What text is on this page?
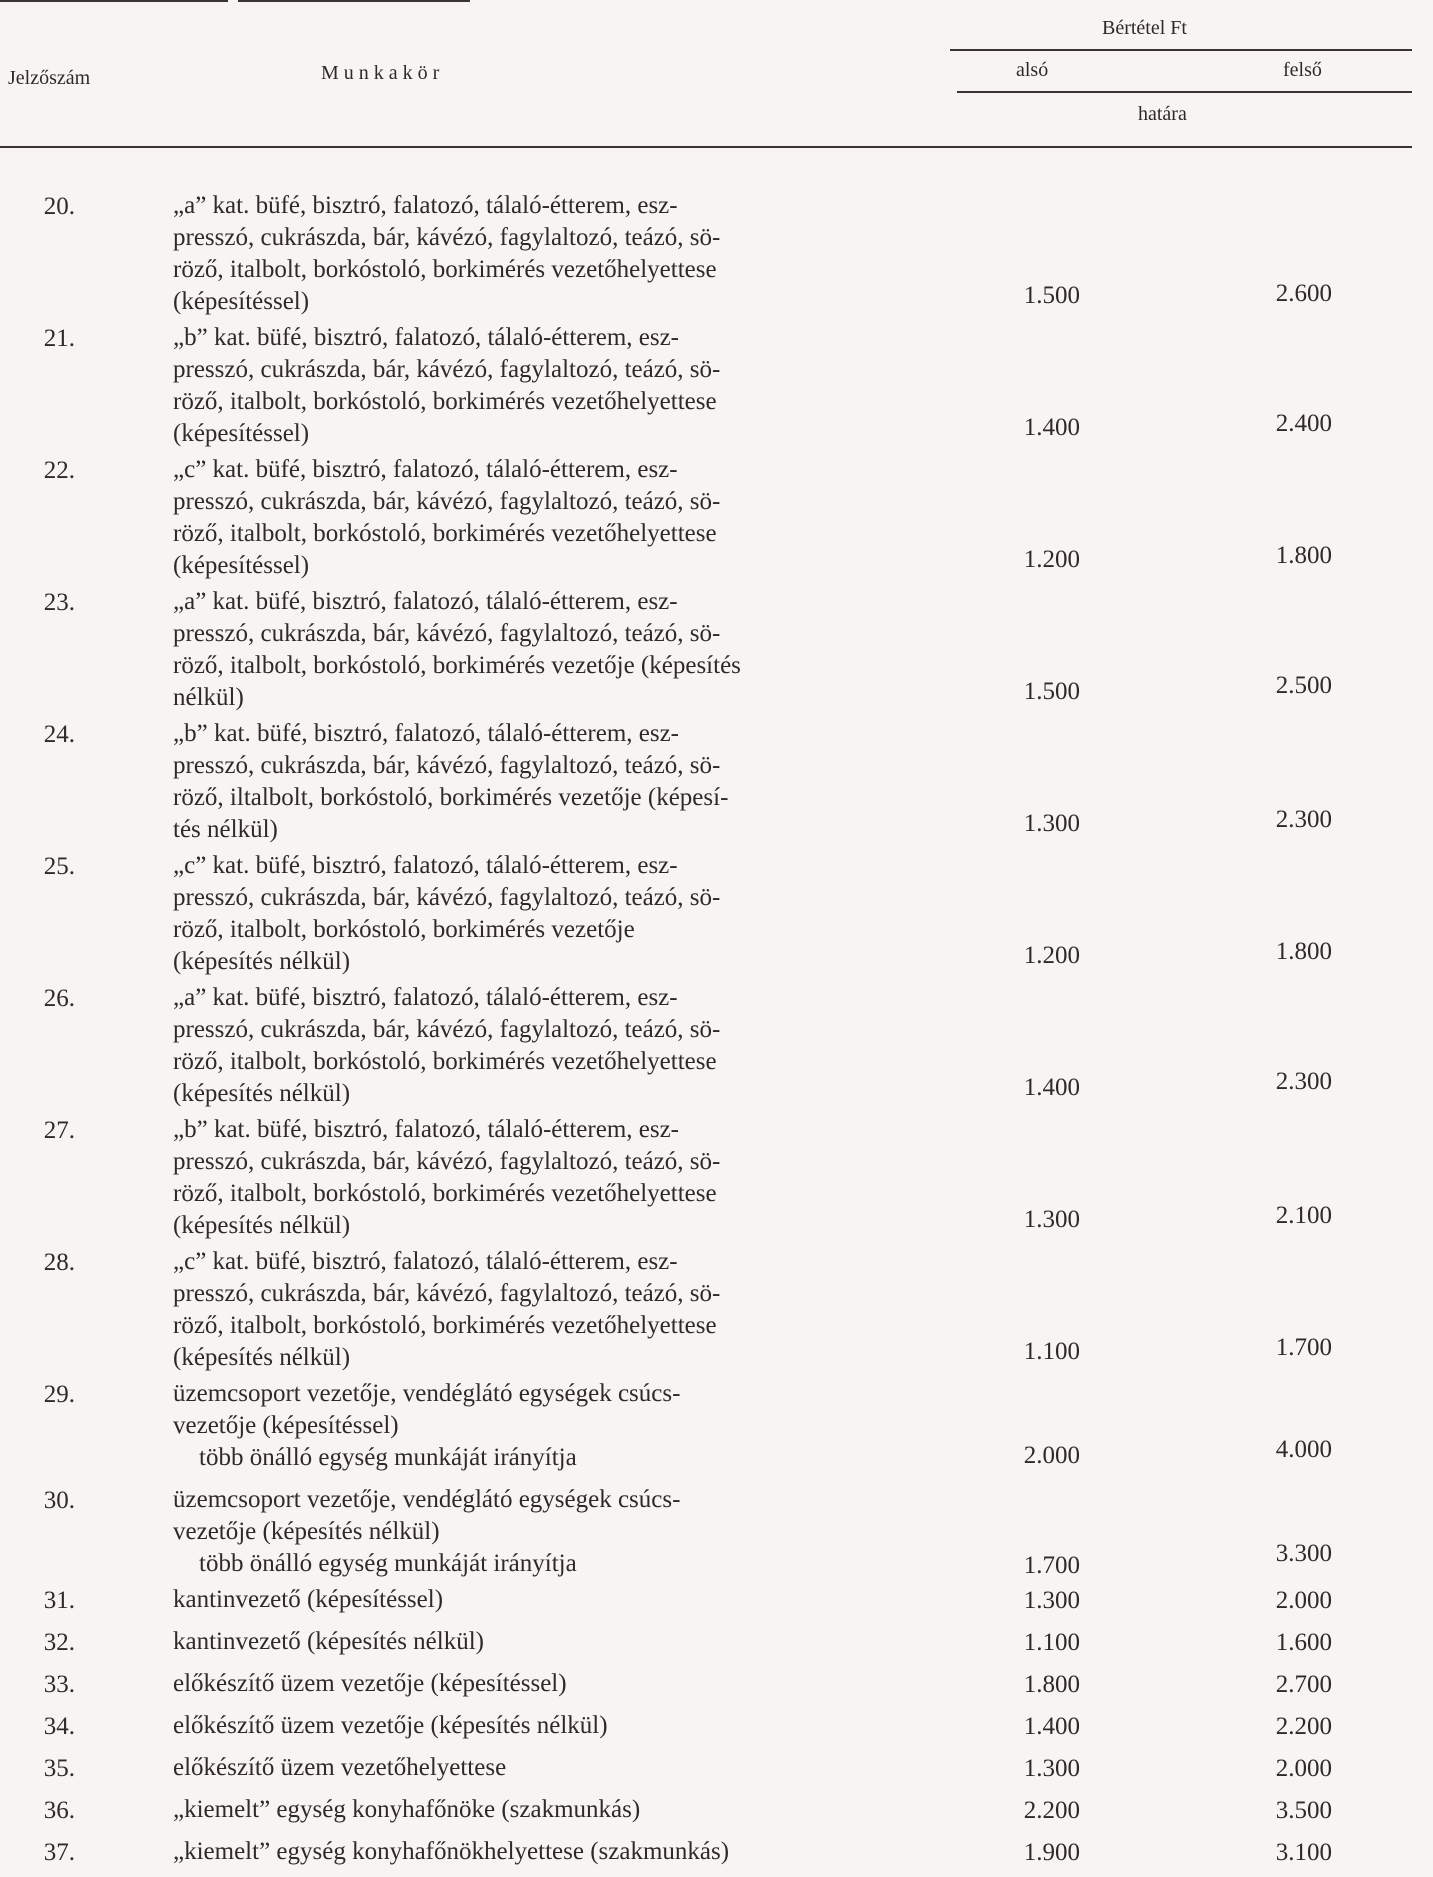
Bértétel Ft
Jelzőszám	M u n k a k ö r	alsó	felső
határa
20.	„a” kat. büfé, bisztró, falatozó, tálaló-étterem, esz-
presszó, cukrászda, bár, kávézó, fagylaltozó, teázó, sö-
röző, italbolt, borkóstoló, borkimérés vezetőhelyettese
(képesítéssel)	1.500	2.600
21.	„b” kat. büfé, bisztró, falatozó, tálaló-étterem, esz-
presszó, cukrászda, bár, kávézó, fagylaltozó, teázó, sö-
röző, italbolt, borkóstoló, borkimérés vezetőhelyettese
(képesítéssel)	1.400	2.400
22.	„c” kat. büfé, bisztró, falatozó, tálaló-étterem, esz-
presszó, cukrászda, bár, kávézó, fagylaltozó, teázó, sö-
röző, italbolt, borkóstoló, borkimérés vezetőhelyettese
(képesítéssel)	1.200	1.800
23.	„a” kat. büfé, bisztró, falatozó, tálaló-étterem, esz-
presszó, cukrászda, bár, kávézó, fagylaltozó, teázó, sö-
röző, italbolt, borkóstoló, borkimérés vezetője (képesítés
nélkül)	1.500	2.500
24.	„b” kat. büfé, bisztró, falatozó, tálaló-étterem, esz-
presszó, cukrászda, bár, kávézó, fagylaltozó, teázó, sö-
röző, iltalbolt, borkóstoló, borkimérés vezetője (képesí-
tés nélkül)	1.300	2.300
25.	„c” kat. büfé, bisztró, falatozó, tálaló-étterem, esz-
presszó, cukrászda, bár, kávézó, fagylaltozó, teázó, sö-
röző, italbolt, borkóstoló, borkimérés vezetője
(képesítés nélkül)	1.200	1.800
26.	„a” kat. büfé, bisztró, falatozó, tálaló-étterem, esz-
presszó, cukrászda, bár, kávézó, fagylaltozó, teázó, sö-
röző, italbolt, borkóstoló, borkimérés vezetőhelyettese
(képesítés nélkül)	1.400	2.300
27.	„b” kat. büfé, bisztró, falatozó, tálaló-étterem, esz-
presszó, cukrászda, bár, kávézó, fagylaltozó, teázó, sö-
röző, italbolt, borkóstoló, borkimérés vezetőhelyettese
(képesítés nélkül)	1.300	2.100
28.	„c” kat. büfé, bisztró, falatozó, tálaló-étterem, esz-
presszó, cukrászda, bár, kávézó, fagylaltozó, teázó, sö-
röző, italbolt, borkóstoló, borkimérés vezetőhelyettese
(képesítés nélkül)	1.100	1.700
29.	üzemcsoport vezetője, vendéglátó egységek csúcs-
vezetője (képesítéssel)
több önálló egység munkáját irányítja	2.000	4.000
30.	üzemcsoport vezetője, vendéglátó egységek csúcs-
vezetője (képesítés nélkül)
több önálló egység munkáját irányítja	1.700	3.300
31.	kantinvezető (képesítéssel)	1.300	2.000
32.	kantinvezető (képesítés nélkül)	1.100	1.600
33.	előkészítő üzem vezetője (képesítéssel)	1.800	2.700
34.	előkészítő üzem vezetője (képesítés nélkül)	1.400	2.200
35.	előkészítő üzem vezetőhelyettese	1.300	2.000
36.	„kiemelt” egység konyhafőnöke (szakmunkás)	2.200	3.500
37.	„kiemelt” egység konyhafőnökhelyettese (szakmunkás)	1.900	3.100
